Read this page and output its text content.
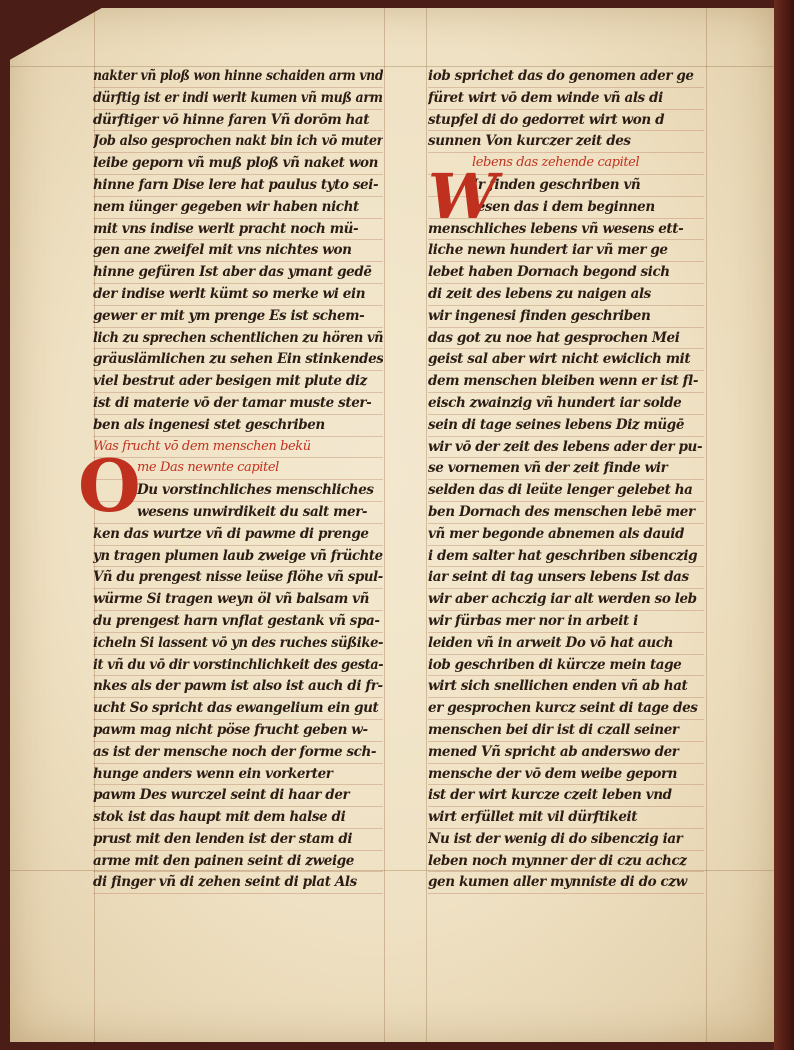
nakter vñ ploß won hinne schaiden arm vnd
dürftig ist er indi werlt kumen vñ muß arm
dürftiger vō hinne faren Vñ dorōm hat
Job also gesprochen nakt bin ich vō muter
leibe geporn vñ muß ploß vñ naket won
hinne farn Dise lere hat paulus tyto sei-
nem iünger gegeben wir haben nicht
mit vns indise werlt pracht noch mü-
gen ane zweifel mit vns nichtes won
hinne gefüren Ist aber das ymant gedē
der indise werlt kümt so merke wi ein
gewer er mit ym prenge Es ist schem-
lich zu sprechen schentlichen zu hören vñ
gräuslämlichen zu sehen Ein stinkendes
viel bestrut ader besigen mit plute diz
ist di materie vō der tamar muste ster-
ben als ingenesi stet geschriben
Was frucht vō dem menschen bekü
me Das newnte capitel
Du vorstinchliches menschliches
wesens unwirdikeit du salt mer-
ken das wurtze vñ di pawme di prenge
yn tragen plumen laub zweige vñ früchte
Vñ du prengest nisse leüse flöhe vñ spul-
würme Si tragen weyn öl vñ balsam vñ
du prengest harn vnflat gestank vñ spa-
icheln Si lassent vō yn des ruches süßike-
it vñ du vō dir vorstinchlichkeit des gesta-
nkes als der pawm ist also ist auch di fr-
ucht So spricht das ewangelium ein gut
pawm mag nicht pöse frucht geben w-
as ist der mensche noch der forme sch-
hunge anders wenn ein vorkerter
pawm Des wurczel seint di haar der
stok ist das haupt mit dem halse di
prust mit den lenden ist der stam di
arme mit den painen seint di zweige
di finger vñ di zehen seint di plat Als
iob sprichet das do genomen ader ge
füret wirt vō dem winde vñ als di
stupfel di do gedorret wirt won d
sunnen Von kurczer zeit des
lebens das zehende capitel
Ir finden geschriben vñ
lesen das i dem beginnen
menschliches lebens vñ wesens ett-
liche newn hundert iar vñ mer ge
lebet haben Dornach begond sich
di zeit des lebens zu naigen als
wir ingenesi finden geschriben
das got zu noe hat gesprochen Mei
geist sal aber wirt nicht ewiclich mit
dem menschen bleiben wenn er ist fl-
eisch zwainzig vñ hundert iar solde
sein di tage seines lebens Diz mügē
wir vō der zeit des lebens ader der pu-
se vornemen vñ der zeit finde wir
selden das di leüte lenger gelebet ha
ben Dornach des menschen lebē mer
vñ mer begonde abnemen als dauid
i dem salter hat geschriben sibenczig
iar seint di tag unsers lebens Ist das
wir aber achczig iar alt werden so leb
wir fürbas mer nor in arbeit i
leiden vñ in arweit Do vō hat auch
iob geschriben di kürcze mein tage
wirt sich snellichen enden vñ ab hat
er gesprochen kurcz seint di tage des
menschen bei dir ist di czall seiner
mened Vñ spricht ab anderswo der
mensche der vō dem weibe geporn
ist der wirt kurcze czeit leben vnd
wirt erfüllet mit vil dürftikeit
Nu ist der wenig di do sibenczig iar
leben noch mynner der di czu achcz
gen kumen aller mynniste di do czw
O
W
